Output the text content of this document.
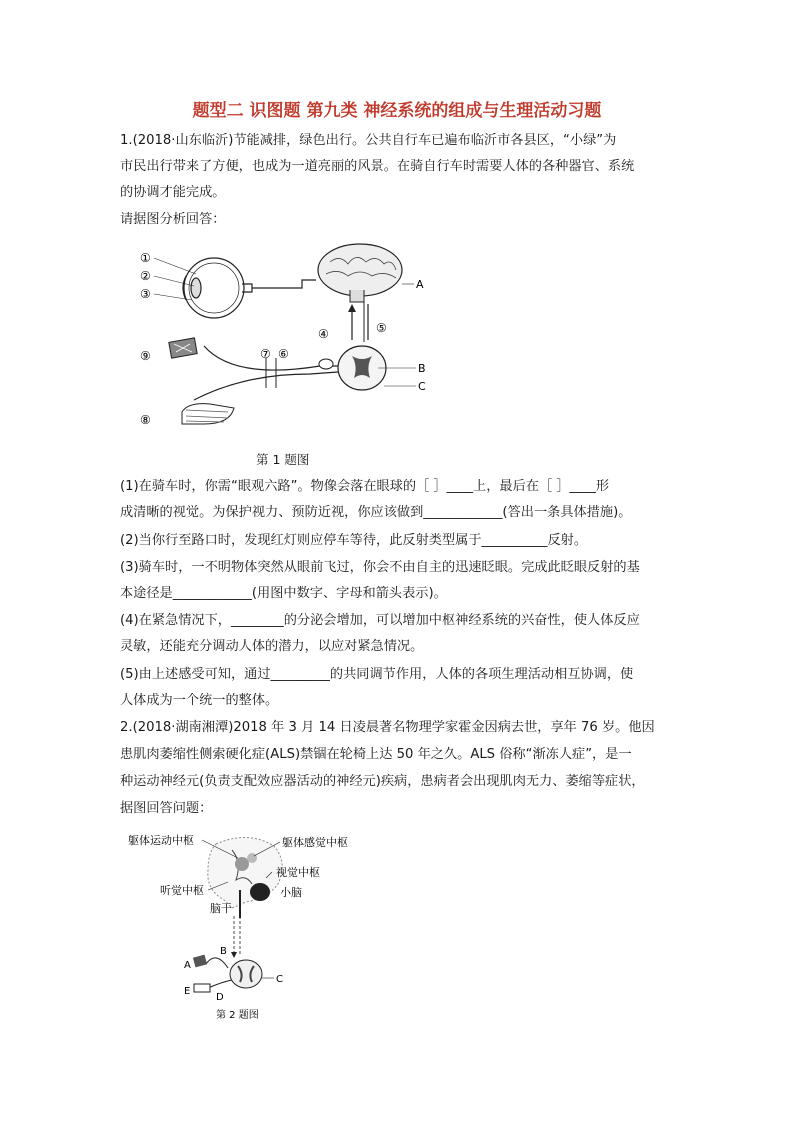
题型二 识图题 第九类 神经系统的组成与生理活动习题
1.(2018·山东临沂)节能减排，绿色出行。公共自行车已遍布临沂市各县区，“小绿”为
市民出行带来了方便，也成为一道亮丽的风景。在骑自行车时需要人体的各种器官、系统
的协调才能完成。
请据图分析回答：
①
②
③
④	⑤
⑥
⑦
⑧
⑨
A
B
C
第 1 题图
(1)在骑车时，你需“眼观六路”。物像会落在眼球的［ ］____上，最后在［ ］____形
成清晰的视觉。为保护视力、预防近视，你应该做到____________(答出一条具体措施)。
(2)当你行至路口时，发现红灯则应停车等待，此反射类型属于__________反射。
(3)骑车时，一不明物体突然从眼前飞过，你会不由自主的迅速眨眼。完成此眨眼反射的基
本途径是____________(用图中数字、字母和箭头表示)。
(4)在紧急情况下，________的分泌会增加，可以增加中枢神经系统的兴奋性，使人体反应
灵敏，还能充分调动人体的潜力，以应对紧急情况。
(5)由上述感受可知，通过_________的共同调节作用，人体的各项生理活动相互协调，使
人体成为一个统一的整体。
2.(2018·湖南湘潭)2018 年 3 月 14 日凌晨著名物理学家霍金因病去世，享年 76 岁。他因
患肌肉萎缩性侧索硬化症(ALS)禁锢在轮椅上达 50 年之久。ALS 俗称“渐冻人症”，是一
种运动神经元(负责支配效应器活动的神经元)疾病，患病者会出现肌肉无力、萎缩等症状，
据图回答问题：
躯体运动中枢	躯体感觉中枢
视觉中枢
听觉中枢	小脑
脑干
B
A
C
E
D
第 2 题图
